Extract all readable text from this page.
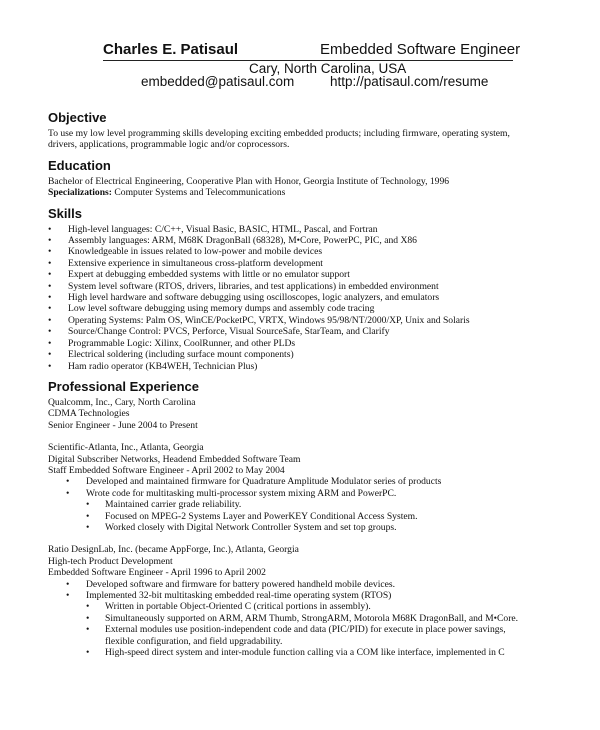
Charles E. Patisaul	Embedded Software Engineer
Cary, North Carolina, USA
embedded@patisaul.com	http://patisaul.com/resume
Objective
To use my low level programming skills developing exciting embedded products; including firmware, operating system,
drivers, applications, programmable logic and/or coprocessors.
Education
Bachelor of Electrical Engineering, Cooperative Plan with Honor, Georgia Institute of Technology, 1996
Specializations: Computer Systems and Telecommunications
Skills
• High-level languages: C/C++, Visual Basic, BASIC, HTML, Pascal, and Fortran
• Assembly languages: ARM, M68K DragonBall (68328), M•Core, PowerPC, PIC, and X86
• Knowledgeable in issues related to low-power and mobile devices
• Extensive experience in simultaneous cross-platform development
• Expert at debugging embedded systems with little or no emulator support
• System level software (RTOS, drivers, libraries, and test applications) in embedded environment
• High level hardware and software debugging using oscilloscopes, logic analyzers, and emulators
• Low level software debugging using memory dumps and assembly code tracing
• Operating Systems: Palm OS, WinCE/PocketPC, VRTX, Windows 95/98/NT/2000/XP, Unix and Solaris
• Source/Change Control: PVCS, Perforce, Visual SourceSafe, StarTeam, and Clarify
• Programmable Logic: Xilinx, CoolRunner, and other PLDs
• Electrical soldering (including surface mount components)
• Ham radio operator (KB4WEH, Technician Plus)
Professional Experience
Qualcomm, Inc., Cary, North Carolina
CDMA Technologies
Senior Engineer - June 2004 to Present
Scientific-Atlanta, Inc., Atlanta, Georgia
Digital Subscriber Networks, Headend Embedded Software Team
Staff Embedded Software Engineer - April 2002 to May 2004
• Developed and maintained firmware for Quadrature Amplitude Modulator series of products
• Wrote code for multitasking multi-processor system mixing ARM and PowerPC.
• Maintained carrier grade reliability.
• Focused on MPEG-2 Systems Layer and PowerKEY Conditional Access System.
• Worked closely with Digital Network Controller System and set top groups.
Ratio DesignLab, Inc. (became AppForge, Inc.), Atlanta, Georgia
High-tech Product Development
Embedded Software Engineer - April 1996 to April 2002
• Developed software and firmware for battery powered handheld mobile devices.
• Implemented 32-bit multitasking embedded real-time operating system (RTOS)
• Written in portable Object-Oriented C (critical portions in assembly).
• Simultaneously supported on ARM, ARM Thumb, StrongARM, Motorola M68K DragonBall, and M•Core.
• External modules use position-independent code and data (PIC/PID) for execute in place power savings,
flexible configuration, and field upgradability.
• High-speed direct system and inter-module function calling via a COM like interface, implemented in C
